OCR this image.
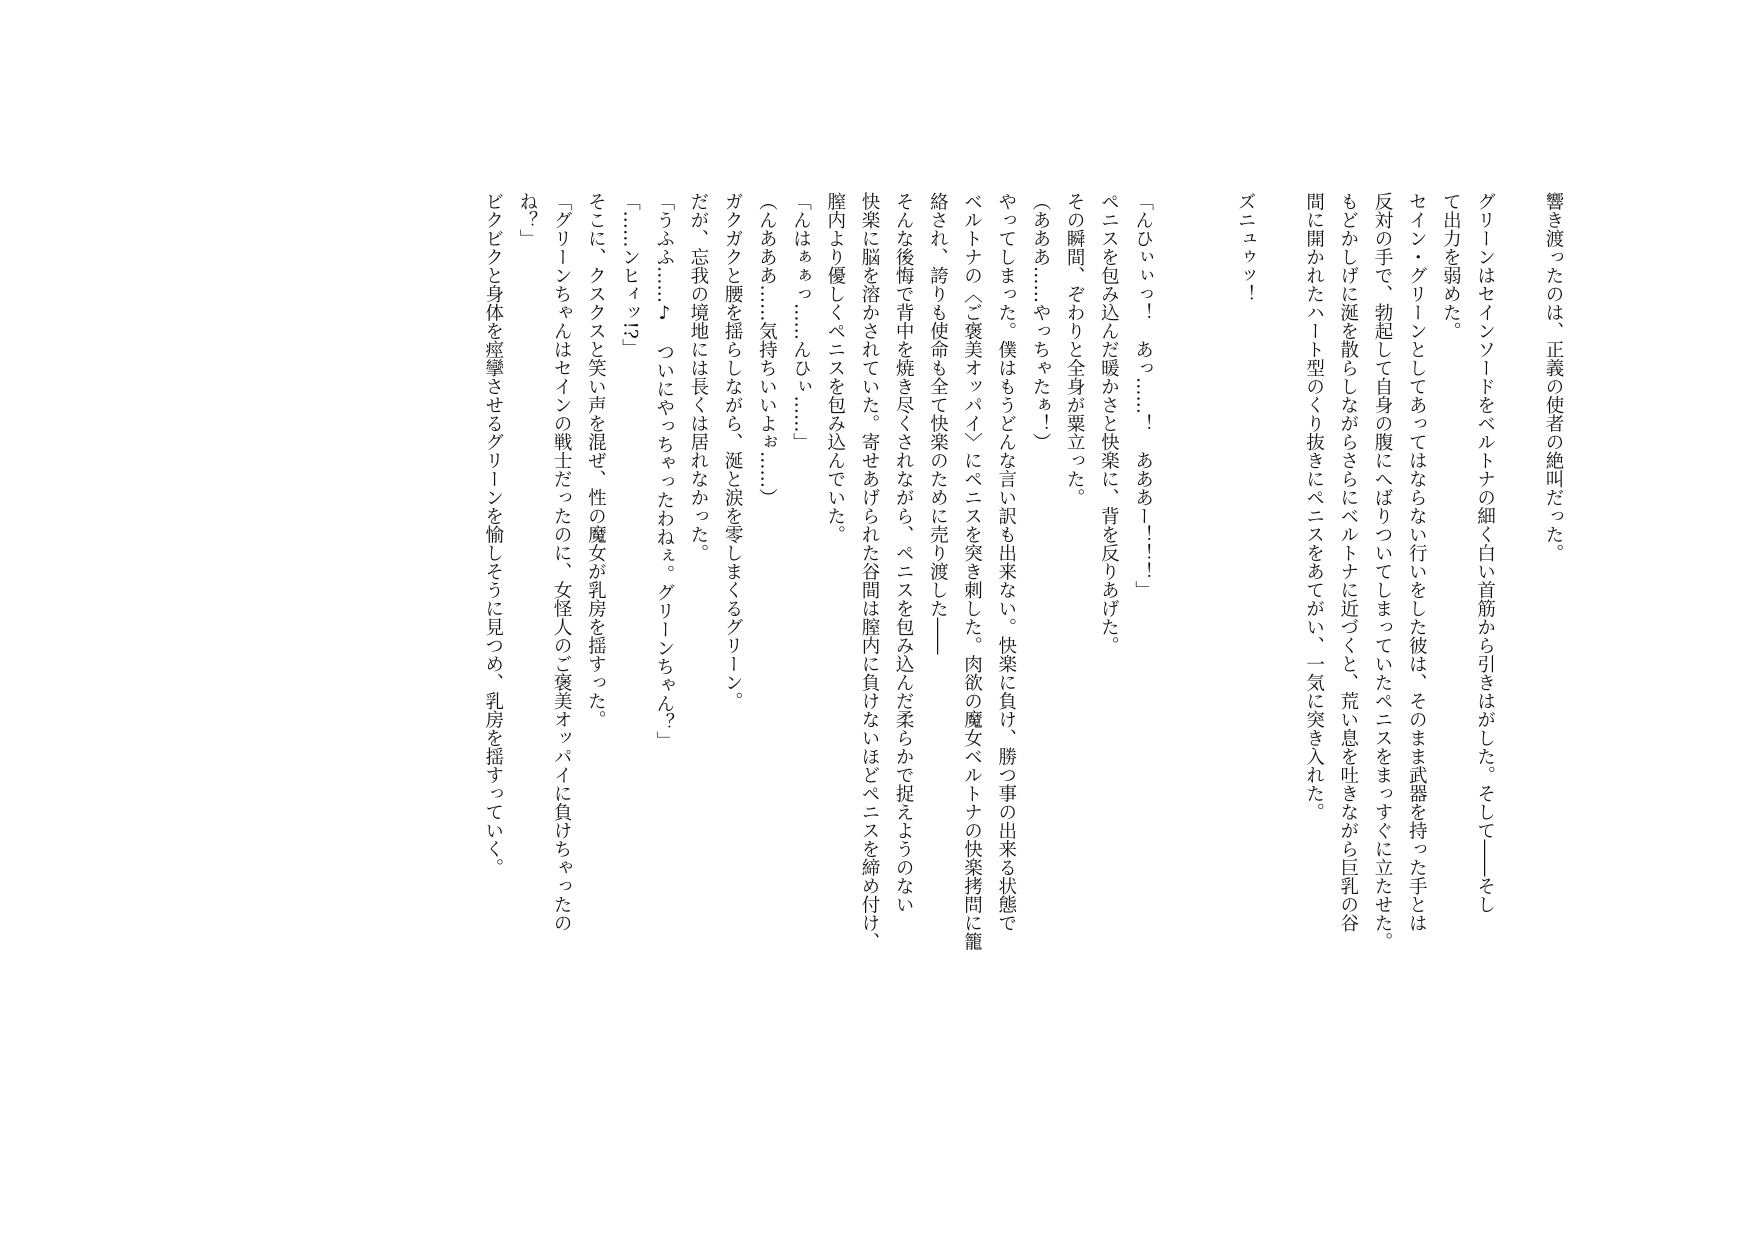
響き渡ったのは、正義の使者の絶叫だった。

グリーンはセインソードをベルトナの細く白い首筋から引きはがした。そして――そし

て出力を弱めた。

セイン・グリーンとしてあってはならない行いをした彼は、そのまま武器を持った手とは

反対の手で、勃起して自身の腹にへばりついてしまっていたペニスをまっすぐに立たせた。

もどかしげに涎を散らしながらさらにベルトナに近づくと、荒い息を吐きながら巨乳の谷

間に開かれたハート型のくり抜きにペニスをあてがい、一気に突き入れた。

ズニュゥッ！

「んひぃぃっ！　あっ……！　あああー！！！」

ペニスを包み込んだ暖かさと快楽に、背を反りあげた。

その瞬間、ぞわりと全身が粟立った。

（あああ……やっちゃたぁ！）

やってしまった。僕はもうどんな言い訳も出来ない。快楽に負け、勝つ事の出来る状態で

ベルトナの〈ご褒美オッパイ〉にペニスを突き刺した。肉欲の魔女ベルトナの快楽拷問に籠

絡され、誇りも使命も全て快楽のために売り渡した――

そんな後悔で背中を焼き尽くされながら、ペニスを包み込んだ柔らかで捉えようのない

快楽に脳を溶かされていた。寄せあげられた谷間は膣内に負けないほどペニスを締め付け、

膣内より優しくペニスを包み込んでいた。

「んはぁぁっ……んひぃ……」

（んあああ……気持ちいいよぉ……）

ガクガクと腰を揺らしながら、涎と涙を零しまくるグリーン。

だが、忘我の境地には長くは居れなかった。

「うふふ……♪　ついにやっちゃったわねぇ。グリーンちゃん？」

「……ンヒィッ!?」

そこに、クスクスと笑い声を混ぜ、性の魔女が乳房を揺すった。

「グリーンちゃんはセインの戦士だったのに、女怪人のご褒美オッパイに負けちゃったの

ね？」

ビクビクと身体を痙攣させるグリーンを愉しそうに見つめ、乳房を揺すっていく。
